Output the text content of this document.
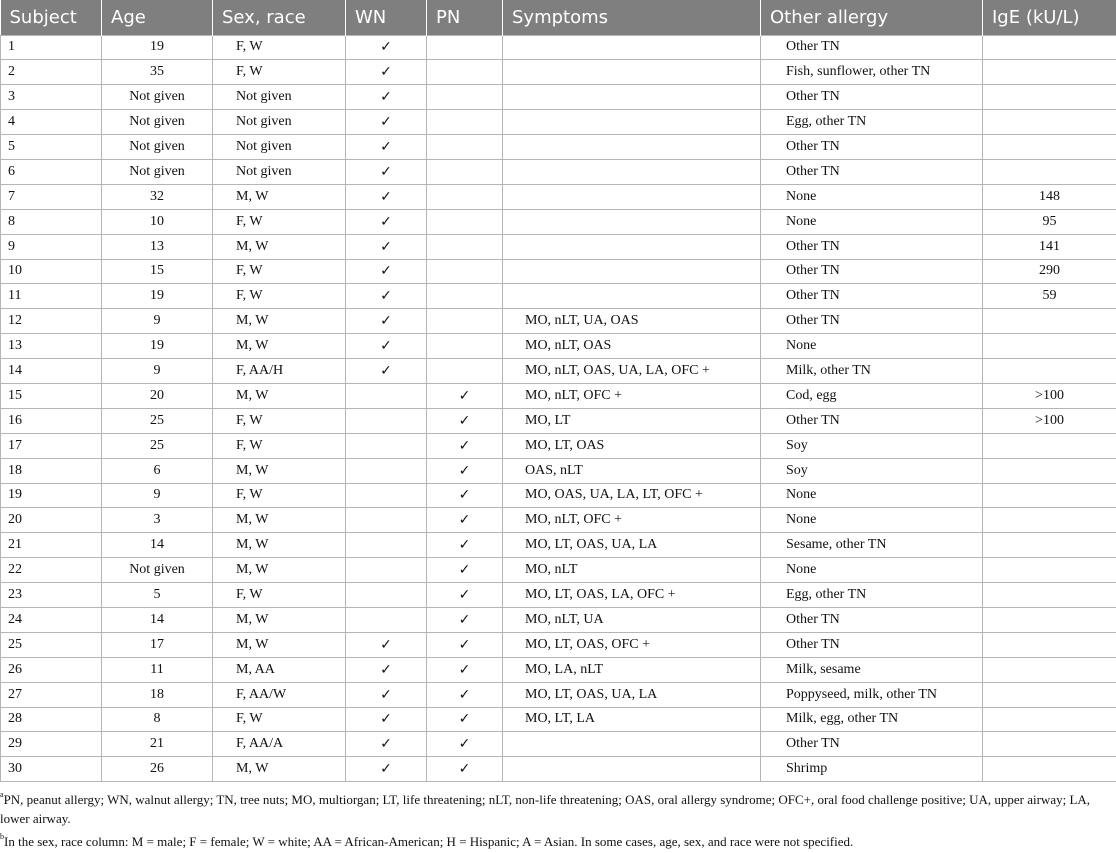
Subject	Age	Sex, race	WN	PN	Symptoms	Other allergy	IgE (kU/L)
1	19	F, W	✓			Other TN	
2	35	F, W	✓			Fish, sunflower, other TN	
3	Not given	Not given	✓			Other TN	
4	Not given	Not given	✓			Egg, other TN	
5	Not given	Not given	✓			Other TN	
6	Not given	Not given	✓			Other TN	
7	32	M, W	✓			None	148
8	10	F, W	✓			None	95
9	13	M, W	✓			Other TN	141
10	15	F, W	✓			Other TN	290
11	19	F, W	✓			Other TN	59
12	9	M, W	✓		MO, nLT, UA, OAS	Other TN	
13	19	M, W	✓		MO, nLT, OAS	None	
14	9	F, AA/H	✓		MO, nLT, OAS, UA, LA, OFC +	Milk, other TN	
15	20	M, W		✓	MO, nLT, OFC +	Cod, egg	>100
16	25	F, W		✓	MO, LT	Other TN	>100
17	25	F, W		✓	MO, LT, OAS	Soy	
18	6	M, W		✓	OAS, nLT	Soy	
19	9	F, W		✓	MO, OAS, UA, LA, LT, OFC +	None	
20	3	M, W		✓	MO, nLT, OFC +	None	
21	14	M, W		✓	MO, LT, OAS, UA, LA	Sesame, other TN	
22	Not given	M, W		✓	MO, nLT	None	
23	5	F, W		✓	MO, LT, OAS, LA, OFC +	Egg, other TN	
24	14	M, W		✓	MO, nLT, UA	Other TN	
25	17	M, W	✓	✓	MO, LT, OAS, OFC +	Other TN	
26	11	M, AA	✓	✓	MO, LA, nLT	Milk, sesame	
27	18	F, AA/W	✓	✓	MO, LT, OAS, UA, LA	Poppyseed, milk, other TN	
28	8	F, W	✓	✓	MO, LT, LA	Milk, egg, other TN	
29	21	F, AA/A	✓	✓		Other TN	
30	26	M, W	✓	✓		Shrimp	

$^a$PN, peanut allergy; WN, walnut allergy; TN, tree nuts; MO, multiorgan; LT, life threatening; nLT, non-life threatening; OAS, oral allergy syndrome; OFC+, oral food challenge positive; UA, upper airway; LA, lower airway.

$^b$In the sex, race column: M = male; F = female; W = white; AA = African-American; H = Hispanic; A = Asian. In some cases, age, sex, and race were not specified.
